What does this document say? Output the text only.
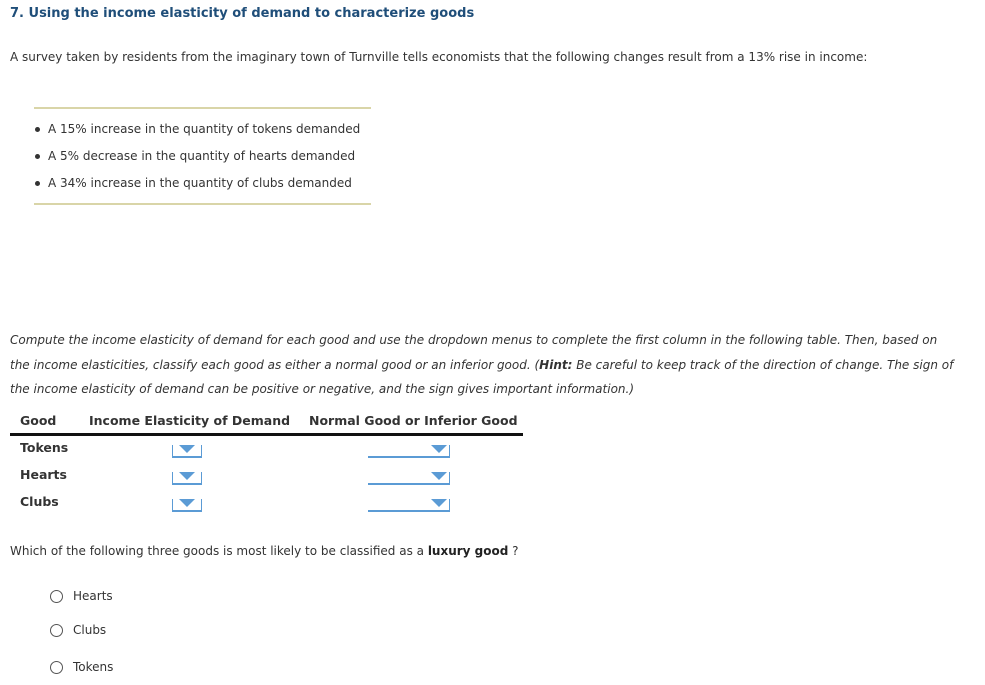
7. Using the income elasticity of demand to characterize goods
A survey taken by residents from the imaginary town of Turnville tells economists that the following changes result from a 13% rise in income:
A 15% increase in the quantity of tokens demanded
A 5% decrease in the quantity of hearts demanded
A 34% increase in the quantity of clubs demanded
Compute the income elasticity of demand for each good and use the dropdown menus to complete the first column in the following table. Then, based on the income elasticities, classify each good as either a normal good or an inferior good. (Hint: Be careful to keep track of the direction of change. The sign of the income elasticity of demand can be positive or negative, and the sign gives important information.)
Good	Income Elasticity of Demand Normal Good or Inferior Good
Tokens
Hearts
Clubs
Which of the following three goods is most likely to be classified as a luxury good ?
Hearts
Clubs
Tokens
